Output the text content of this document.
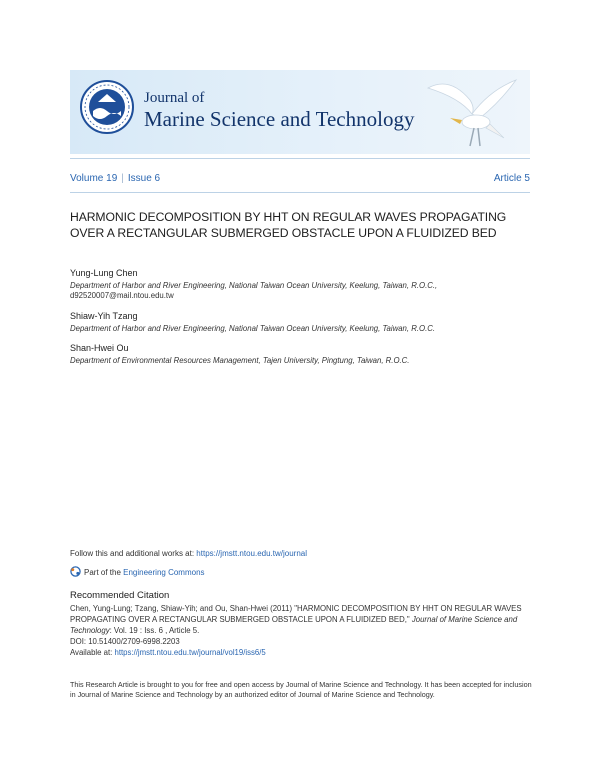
Journal of
Marine Science and Technology
Volume 19 | Issue 6	Article 5
HARMONIC DECOMPOSITION BY HHT ON REGULAR WAVES PROPAGATING OVER A RECTANGULAR SUBMERGED OBSTACLE UPON A FLUIDIZED BED
Yung-Lung Chen
Department of Harbor and River Engineering, National Taiwan Ocean University, Keelung, Taiwan, R.O.C.,
d92520007@mail.ntou.edu.tw
Shiaw-Yih Tzang
Department of Harbor and River Engineering, National Taiwan Ocean University, Keelung, Taiwan, R.O.C.
Shan-Hwei Ou
Department of Environmental Resources Management, Tajen University, Pingtung, Taiwan, R.O.C.
Follow this and additional works at: https://jmstt.ntou.edu.tw/journal
Part of the Engineering Commons
Recommended Citation
Chen, Yung-Lung; Tzang, Shiaw-Yih; and Ou, Shan-Hwei (2011) "HARMONIC DECOMPOSITION BY HHT ON REGULAR WAVES PROPAGATING OVER A RECTANGULAR SUBMERGED OBSTACLE UPON A FLUIDIZED BED," Journal of Marine Science and Technology: Vol. 19 : Iss. 6 , Article 5.
DOI: 10.51400/2709-6998.2203
Available at: https://jmstt.ntou.edu.tw/journal/vol19/iss6/5
This Research Article is brought to you for free and open access by Journal of Marine Science and Technology. It has been accepted for inclusion in Journal of Marine Science and Technology by an authorized editor of Journal of Marine Science and Technology.
